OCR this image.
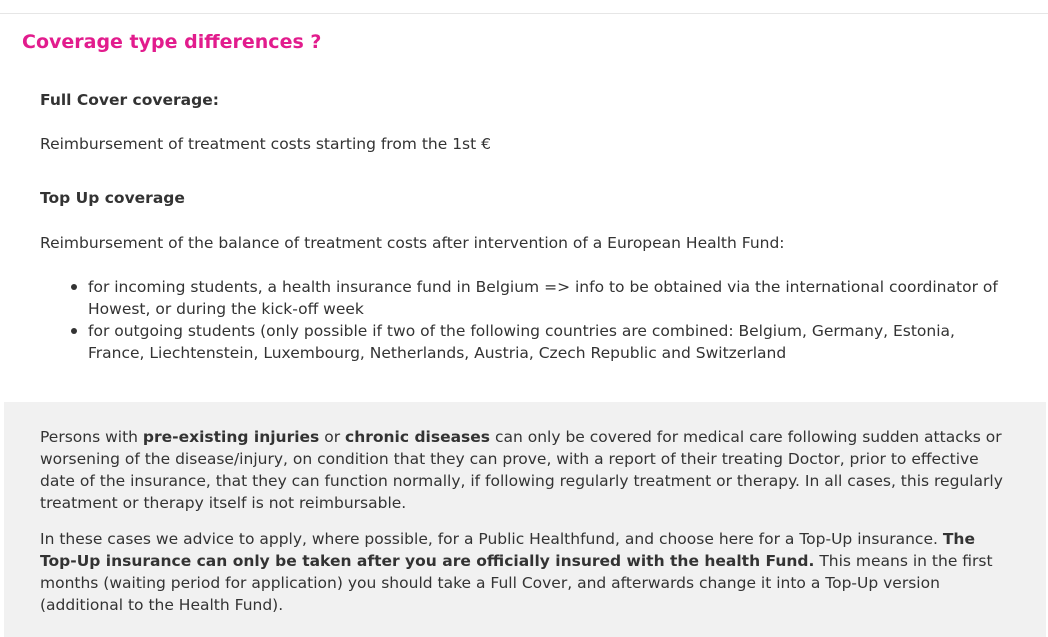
Coverage type differences ?
Full Cover coverage:
Reimbursement of treatment costs starting from the 1st €
Top Up coverage
Reimbursement of the balance of treatment costs after intervention of a European Health Fund:
for incoming students, a health insurance fund in Belgium => info to be obtained via the international coordinator of Howest, or during the kick-off week
for outgoing students (only possible if two of the following countries are combined: Belgium, Germany, Estonia, France, Liechtenstein, Luxembourg, Netherlands, Austria, Czech Republic and Switzerland

Persons with pre-existing injuries or chronic diseases can only be covered for medical care following sudden attacks or worsening of the disease/injury, on condition that they can prove, with a report of their treating Doctor, prior to effective date of the insurance, that they can function normally, if following regularly treatment or therapy. In all cases, this regularly treatment or therapy itself is not reimbursable.

In these cases we advice to apply, where possible, for a Public Healthfund, and choose here for a Top-Up insurance. The Top-Up insurance can only be taken after you are officially insured with the health Fund. This means in the first months (waiting period for application) you should take a Full Cover, and afterwards change it into a Top-Up version (additional to the Health Fund).
